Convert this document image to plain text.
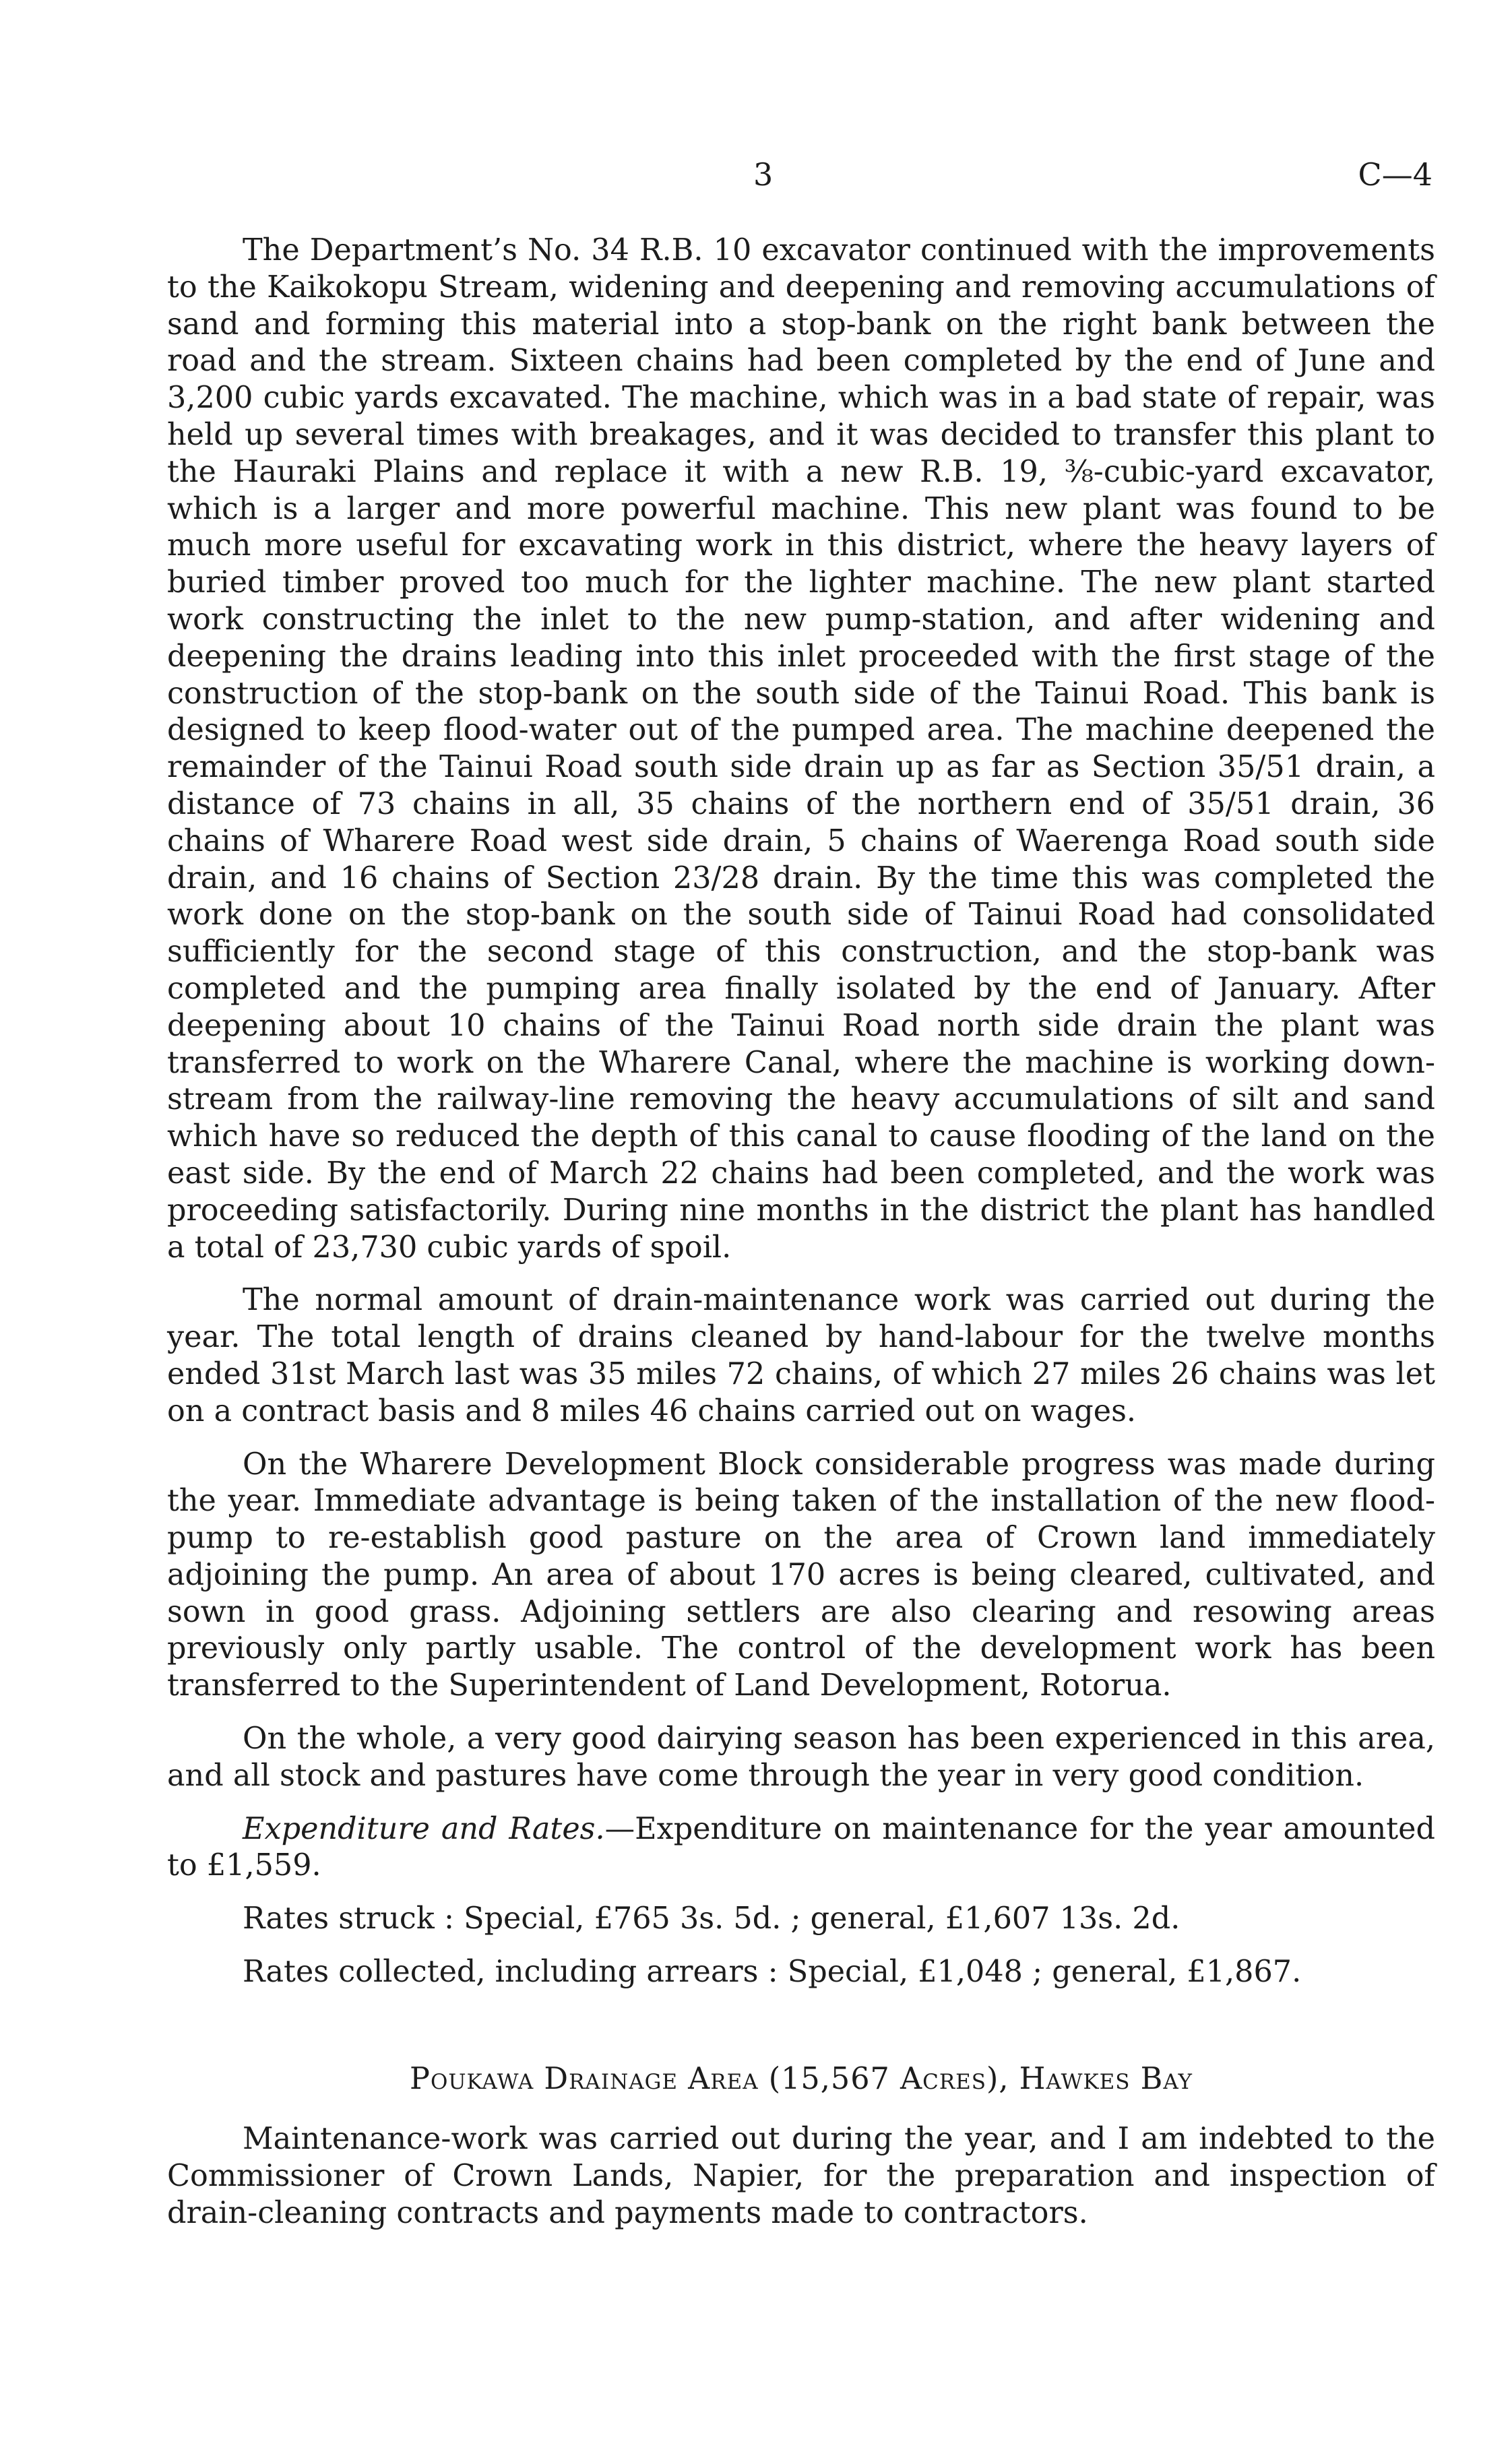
3	C—4

The Department’s No. 34 R.B. 10 excavator continued with the improvements to the Kaikokopu Stream, widening and deepening and removing accumulations of sand and forming this material into a stop-bank on the right bank between the road and the stream. Sixteen chains had been completed by the end of June and 3,200 cubic yards excavated. The machine, which was in a bad state of repair, was held up several times with breakages, and it was decided to transfer this plant to the Hauraki Plains and replace it with a new R.B. 19, ⅜-cubic-yard excavator, which is a larger and more powerful machine. This new plant was found to be much more useful for excavating work in this district, where the heavy layers of buried timber proved too much for the lighter machine. The new plant started work constructing the inlet to the new pump-station, and after widening and deepening the drains leading into this inlet proceeded with the first stage of the construction of the stop-bank on the south side of the Tainui Road. This bank is designed to keep flood-water out of the pumped area. The machine deepened the remainder of the Tainui Road south side drain up as far as Section 35/51 drain, a distance of 73 chains in all, 35 chains of the northern end of 35/51 drain, 36 chains of Wharere Road west side drain, 5 chains of Waerenga Road south side drain, and 16 chains of Section 23/28 drain. By the time this was completed the work done on the stop-bank on the south side of Tainui Road had consolidated sufficiently for the second stage of this construction, and the stop-bank was completed and the pumping area finally isolated by the end of January. After deepening about 10 chains of the Tainui Road north side drain the plant was transferred to work on the Wharere Canal, where the machine is working down-stream from the railway-line removing the heavy accumulations of silt and sand which have so reduced the depth of this canal to cause flooding of the land on the east side. By the end of March 22 chains had been completed, and the work was proceeding satisfactorily. During nine months in the district the plant has handled a total of 23,730 cubic yards of spoil.

The normal amount of drain-maintenance work was carried out during the year. The total length of drains cleaned by hand-labour for the twelve months ended 31st March last was 35 miles 72 chains, of which 27 miles 26 chains was let on a contract basis and 8 miles 46 chains carried out on wages.

On the Wharere Development Block considerable progress was made during the year. Immediate advantage is being taken of the installation of the new flood-pump to re-establish good pasture on the area of Crown land immediately adjoining the pump. An area of about 170 acres is being cleared, cultivated, and sown in good grass. Adjoining settlers are also clearing and resowing areas previously only partly usable. The control of the development work has been transferred to the Superintendent of Land Development, Rotorua.

On the whole, a very good dairying season has been experienced in this area, and all stock and pastures have come through the year in very good condition.

Expenditure and Rates.—Expenditure on maintenance for the year amounted to £1,559.

Rates struck : Special, £765 3s. 5d. ; general, £1,607 13s. 2d.

Rates collected, including arrears : Special, £1,048 ; general, £1,867.

Poukawa Drainage Area (15,567 Acres), Hawkes Bay

Maintenance-work was carried out during the year, and I am indebted to the Commissioner of Crown Lands, Napier, for the preparation and inspection of drain-cleaning contracts and payments made to contractors.
